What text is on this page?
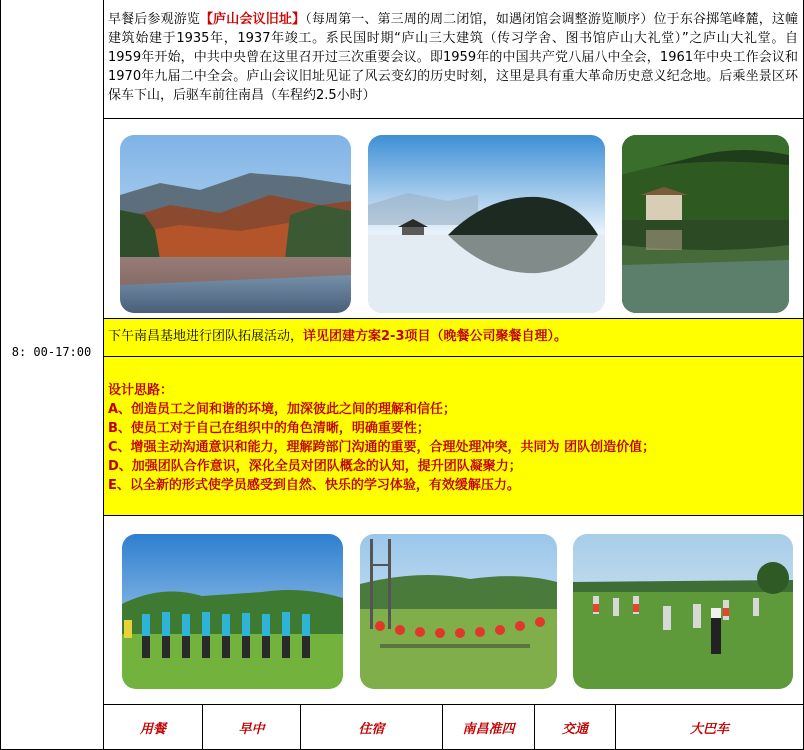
8: 00-17:00
早餐后参观游览【庐山会议旧址】（每周第一、第三周的周二闭馆，如遇闭馆会调整游览顺序）位于东谷掷笔峰麓，这幢建筑始建于1935年，1937年竣工。系民国时期“庐山三大建筑（传习学舍、图书馆庐山大礼堂）”之庐山大礼堂。自1959年开始，中共中央曾在这里召开过三次重要会议。即1959年的中国共产党八届八中全会，1961年中央工作会议和1970年九届二中全会。庐山会议旧址见证了风云变幻的历史时刻，这里是具有重大革命历史意义纪念地。后乘坐景区环保车下山，后驱车前往南昌（车程约2.5小时）
下午南昌基地进行团队拓展活动，详见团建方案2-3项目（晚餐公司聚餐自理）。
设计思路：
A、创造员工之间和谐的环境，加深彼此之间的理解和信任；
B、使员工对于自己在组织中的角色清晰，明确重要性；
C、增强主动沟通意识和能力，理解跨部门沟通的重要，合理处理冲突，共同为 团队创造价值；
D、加强团队合作意识，深化全员对团队概念的认知，提升团队凝聚力；
E、以全新的形式使学员感受到自然、快乐的学习体验，有效缓解压力。
用餐	早中	住宿	南昌准四	交通	大巴车
